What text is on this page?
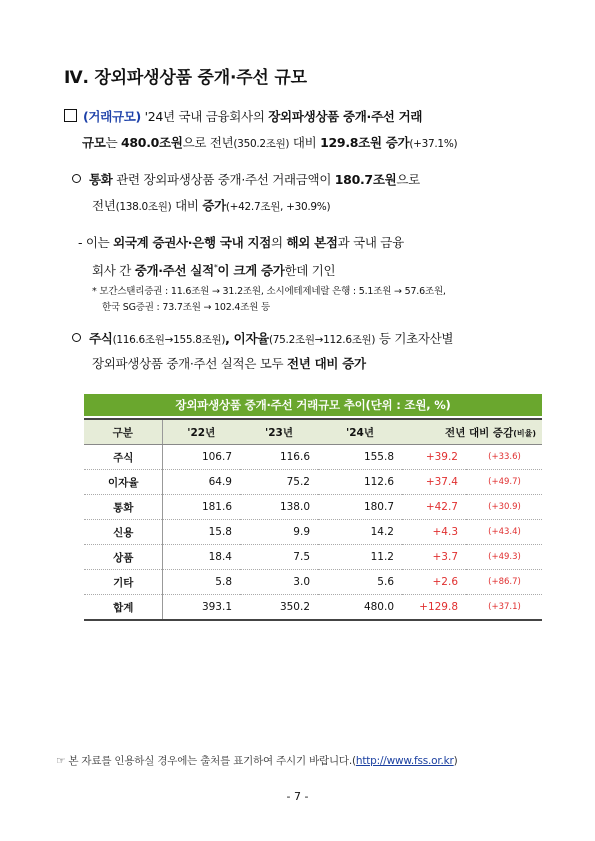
Ⅳ. 장외파생상품 중개·주선 규모
(거래규모) '24년 국내 금융회사의 장외파생상품 중개·주선 거래
규모는 480.0조원으로 전년(350.2조원) 대비 129.8조원 증가(+37.1%)
통화 관련 장외파생상품 중개·주선 거래금액이 180.7조원으로
전년(138.0조원) 대비 증가(+42.7조원, +30.9%)
- 이는 외국계 증권사·은행 국내 지점의 해외 본점과 국내 금융
회사 간 중개·주선 실적*이 크게 증가한데 기인
* 모간스탠리증권 : 11.6조원 → 31.2조원, 소시에테제네랄 은행 : 5.1조원 → 57.6조원,
한국 SG증권 : 73.7조원 → 102.4조원 등
주식(116.6조원→155.8조원), 이자율(75.2조원→112.6조원) 등 기초자산별
장외파생상품 중개·주선 실적은 모두 전년 대비 증가
장외파생상품 중개·주선 거래규모 추이(단위 : 조원, %)
구분	'22년	'23년	'24년	전년 대비 증감(비율)	
주식	106.7	116.6	155.8	+39.2	(+33.6)
이자율	64.9	75.2	112.6	+37.4	(+49.7)
통화	181.6	138.0	180.7	+42.7	(+30.9)
신용	15.8	9.9	14.2	+4.3	(+43.4)
상품	18.4	7.5	11.2	+3.7	(+49.3)
기타	5.8	3.0	5.6	+2.6	(+86.7)
합계	393.1	350.2	480.0	+129.8	(+37.1)
☞ 본 자료를 인용하실 경우에는 출처를 표기하여 주시기 바랍니다.(http://www.fss.or.kr)
- 7 -
